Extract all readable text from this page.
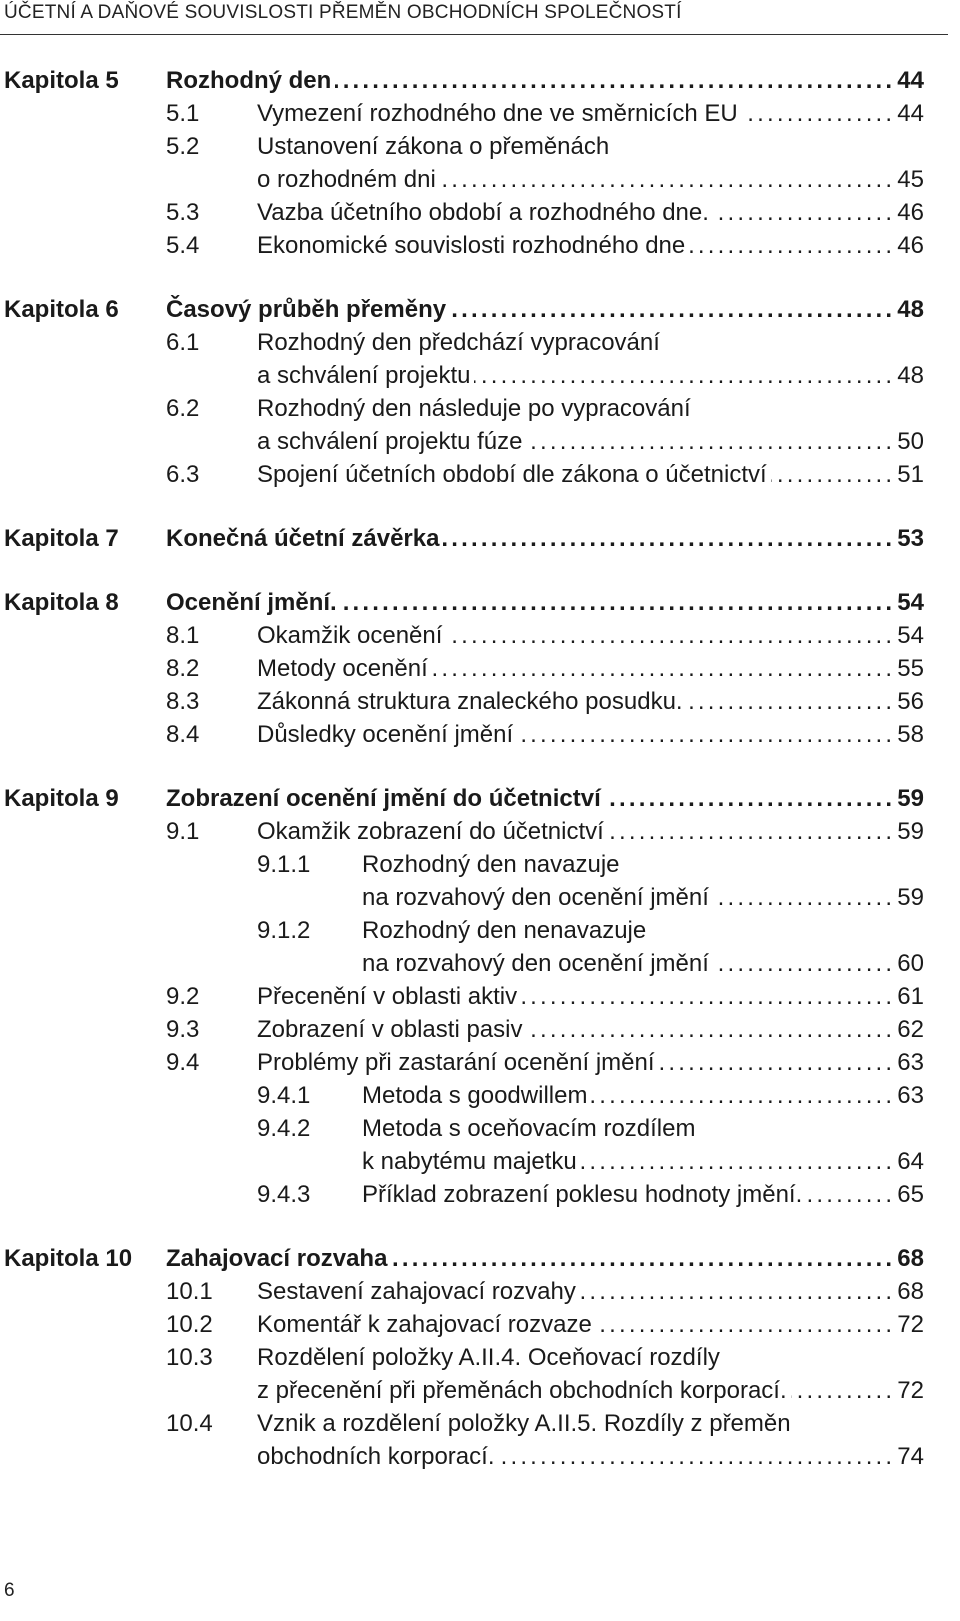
ÚČETNÍ A DAŇOVÉ SOUVISLOSTI PŘEMĚN OBCHODNÍCH SPOLEČNOSTÍ
Kapitola 5 Rozhodný den .....	44
5.1 Vymezení rozhodného dne ve směrnicích EU .....	44
5.2 Ustanovení zákona o přeměnách
o rozhodném dni .....	45
5.3 Vazba účetního období a rozhodného dne. .....	46
5.4 Ekonomické souvislosti rozhodného dne .....	46
Kapitola 6 Časový průběh přeměny .....	48
6.1 Rozhodný den předchází vypracování
a schválení projektu .....	48
6.2 Rozhodný den následuje po vypracování
a schválení projektu fúze .....	50
6.3 Spojení účetních období dle zákona o účetnictví .....	51
Kapitola 7 Konečná účetní závěrka .....	53
Kapitola 8 Ocenění jmění. .....	54
8.1 Okamžik ocenění .....	54
8.2 Metody ocenění .....	55
8.3 Zákonná struktura znaleckého posudku. .....	56
8.4 Důsledky ocenění jmění .....	58
Kapitola 9 Zobrazení ocenění jmění do účetnictví .....	59
9.1 Okamžik zobrazení do účetnictví .....	59
9.1.1 Rozhodný den navazuje
na rozvahový den ocenění jmění .....	59
9.1.2 Rozhodný den nenavazuje
na rozvahový den ocenění jmění .....	60
9.2 Přecenění v oblasti aktiv .....	61
9.3 Zobrazení v oblasti pasiv .....	62
9.4 Problémy při zastarání ocenění jmění .....	63
9.4.1 Metoda s goodwillem .....	63
9.4.2 Metoda s oceňovacím rozdílem
k nabytému majetku .....	64
9.4.3 Příklad zobrazení poklesu hodnoty jmění. .....	65
Kapitola 10 Zahajovací rozvaha .....	68
10.1 Sestavení zahajovací rozvahy .....	68
10.2 Komentář k zahajovací rozvaze .....	72
10.3 Rozdělení položky A.II.4. Oceňovací rozdíly
z přecenění při přeměnách obchodních korporací. .....	72
10.4 Vznik a rozdělení položky A.II.5. Rozdíly z přeměn
obchodních korporací. .....	74
6
